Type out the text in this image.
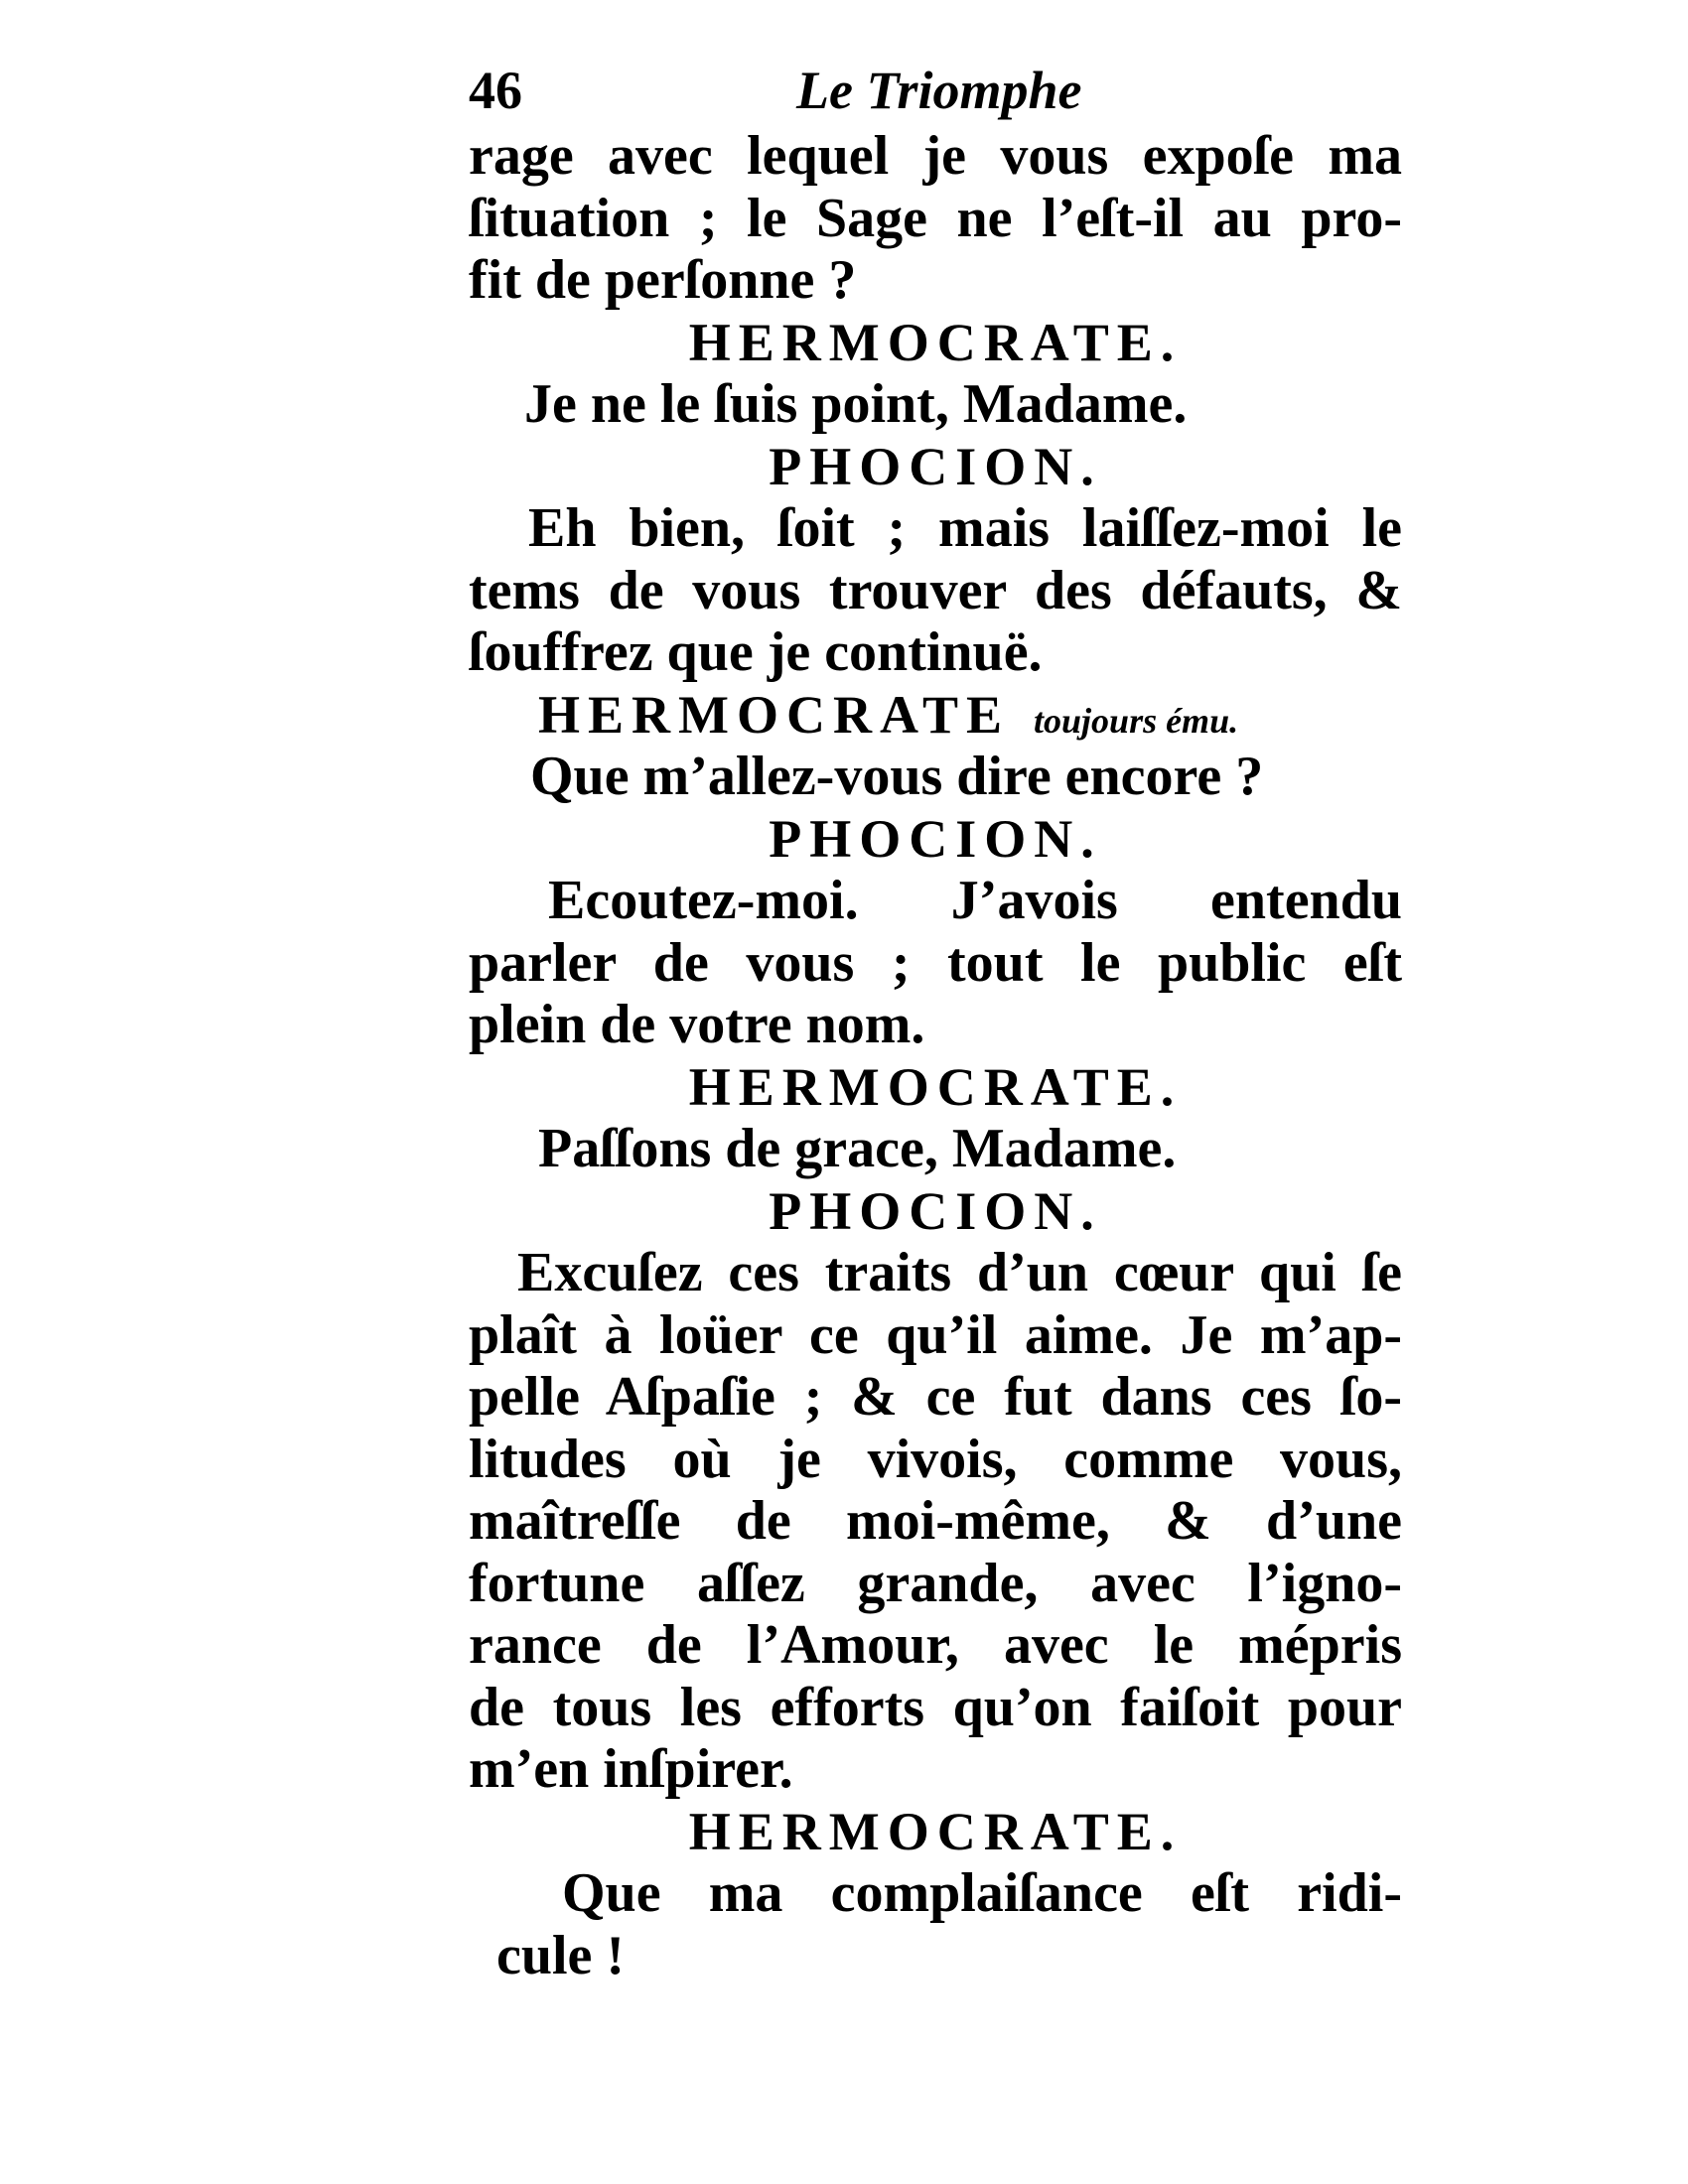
46	Le Triomphe
rage avec lequel je vous expoſe ma
ſituation ; le Sage ne l’eſt-il au pro-
fit de perſonne ?
HERMOCRATE.
Je ne le ſuis point, Madame.
PHOCION.
Eh bien, ſoit ; mais laiſſez-moi le
tems de vous trouver des défauts, &
ſouffrez que je continuë.
HERMOCRATE toujours ému.
Que m’allez-vous dire encore ?
PHOCION.
Ecoutez-moi. J’avois entendu
parler de vous ; tout le public eſt
plein de votre nom.
HERMOCRATE.
Paſſons de grace, Madame.
PHOCION.
Excuſez ces traits d’un cœur qui ſe
plaît à loüer ce qu’il aime. Je m’ap-
pelle Aſpaſie ; & ce fut dans ces ſo-
litudes où je vivois, comme vous,
maîtreſſe de moi-même, & d’une
fortune aſſez grande, avec l’igno-
rance de l’Amour, avec le mépris
de tous les efforts qu’on faiſoit pour
m’en inſpirer.
HERMOCRATE.
Que ma complaiſance eſt ridi-
cule !
